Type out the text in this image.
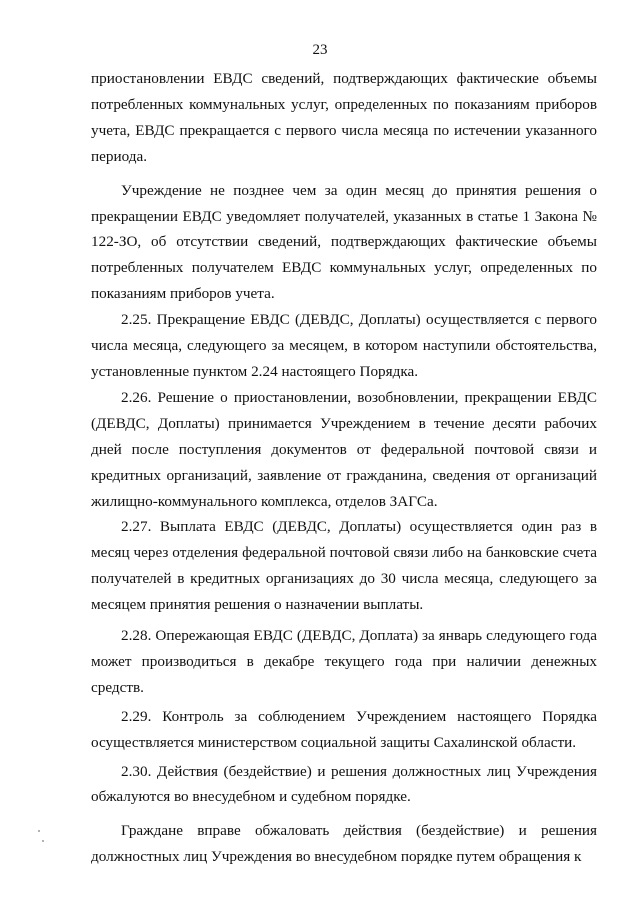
23

приостановлении ЕВДС сведений, подтверждающих фактические объемы потребленных коммунальных услуг, определенных по показаниям приборов учета, ЕВДС прекращается с первого числа месяца по истечении указанного периода.

Учреждение не позднее чем за один месяц до принятия решения о прекращении ЕВДС уведомляет получателей, указанных в статье 1 Закона № 122-ЗО, об отсутствии сведений, подтверждающих фактические объемы потребленных получателем ЕВДС коммунальных услуг, определенных по показаниям приборов учета.

2.25. Прекращение ЕВДС (ДЕВДС, Доплаты) осуществляется с первого числа месяца, следующего за месяцем, в котором наступили обстоятельства, установленные пунктом 2.24 настоящего Порядка.

2.26. Решение о приостановлении, возобновлении, прекращении ЕВДС (ДЕВДС, Доплаты) принимается Учреждением в течение десяти рабочих дней после поступления документов от федеральной почтовой связи и кредитных организаций, заявление от гражданина, сведения от организаций жилищно-коммунального комплекса, отделов ЗАГСа.

2.27. Выплата ЕВДС (ДЕВДС, Доплаты) осуществляется один раз в месяц через отделения федеральной почтовой связи либо на банковские счета получателей в кредитных организациях до 30 числа месяца, следующего за месяцем принятия решения о назначении выплаты.

2.28. Опережающая ЕВДС (ДЕВДС, Доплата) за январь следующего года может производиться в декабре текущего года при наличии денежных средств.

2.29. Контроль за соблюдением Учреждением настоящего Порядка осуществляется министерством социальной защиты Сахалинской области.

2.30. Действия (бездействие) и решения должностных лиц Учреждения обжалуются во внесудебном и судебном порядке.

Граждане вправе обжаловать действия (бездействие) и решения должностных лиц Учреждения во внесудебном порядке путем обращения к
